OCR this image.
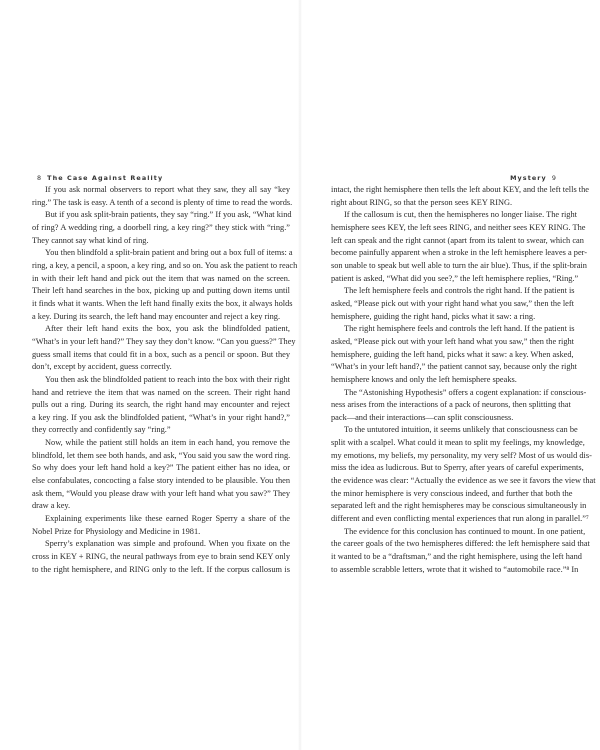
8 The Case Against Reality
If you ask normal observers to report what they saw, they all say “key
ring.” The task is easy. A tenth of a second is plenty of time to read the words.
But if you ask split-brain patients, they say “ring.” If you ask, “What kind
of ring? A wedding ring, a doorbell ring, a key ring?” they stick with “ring.”
They cannot say what kind of ring.
You then blindfold a split-brain patient and bring out a box full of items: a
ring, a key, a pencil, a spoon, a key ring, and so on. You ask the patient to reach
in with their left hand and pick out the item that was named on the screen.
Their left hand searches in the box, picking up and putting down items until
it finds what it wants. When the left hand finally exits the box, it always holds
a key. During its search, the left hand may encounter and reject a key ring.
After their left hand exits the box, you ask the blindfolded patient,
“What’s in your left hand?” They say they don’t know. “Can you guess?” They
guess small items that could fit in a box, such as a pencil or spoon. But they
don’t, except by accident, guess correctly.
You then ask the blindfolded patient to reach into the box with their right
hand and retrieve the item that was named on the screen. Their right hand
pulls out a ring. During its search, the right hand may encounter and reject
a key ring. If you ask the blindfolded patient, “What’s in your right hand?,”
they correctly and confidently say “ring.”
Now, while the patient still holds an item in each hand, you remove the
blindfold, let them see both hands, and ask, “You said you saw the word ring.
So why does your left hand hold a key?” The patient either has no idea, or
else confabulates, concocting a false story intended to be plausible. You then
ask them, “Would you please draw with your left hand what you saw?” They
draw a key.
Explaining experiments like these earned Roger Sperry a share of the
Nobel Prize for Physiology and Medicine in 1981.
Sperry’s explanation was simple and profound. When you fixate on the
cross in KEY + RING, the neural pathways from eye to brain send KEY only
to the right hemisphere, and RING only to the left. If the corpus callosum is
Mystery 9
intact, the right hemisphere then tells the left about KEY, and the left tells the
right about RING, so that the person sees KEY RING.
If the callosum is cut, then the hemispheres no longer liaise. The right
hemisphere sees KEY, the left sees RING, and neither sees KEY RING. The
left can speak and the right cannot (apart from its talent to swear, which can
become painfully apparent when a stroke in the left hemisphere leaves a per-
son unable to speak but well able to turn the air blue). Thus, if the split-brain
patient is asked, “What did you see?,” the left hemisphere replies, “Ring.”
The left hemisphere feels and controls the right hand. If the patient is
asked, “Please pick out with your right hand what you saw,” then the left
hemisphere, guiding the right hand, picks what it saw: a ring.
The right hemisphere feels and controls the left hand. If the patient is
asked, “Please pick out with your left hand what you saw,” then the right
hemisphere, guiding the left hand, picks what it saw: a key. When asked,
“What’s in your left hand?,” the patient cannot say, because only the right
hemisphere knows and only the left hemisphere speaks.
The “Astonishing Hypothesis” offers a cogent explanation: if conscious-
ness arises from the interactions of a pack of neurons, then splitting that
pack—and their interactions—can split consciousness.
To the untutored intuition, it seems unlikely that consciousness can be
split with a scalpel. What could it mean to split my feelings, my knowledge,
my emotions, my beliefs, my personality, my very self? Most of us would dis-
miss the idea as ludicrous. But to Sperry, after years of careful experiments,
the evidence was clear: “Actually the evidence as we see it favors the view that
the minor hemisphere is very conscious indeed, and further that both the
separated left and the right hemispheres may be conscious simultaneously in
different and even conflicting mental experiences that run along in parallel.”⁷
The evidence for this conclusion has continued to mount. In one patient,
the career goals of the two hemispheres differed: the left hemisphere said that
it wanted to be a “draftsman,” and the right hemisphere, using the left hand
to assemble scrabble letters, wrote that it wished to “automobile race.”⁸ In
